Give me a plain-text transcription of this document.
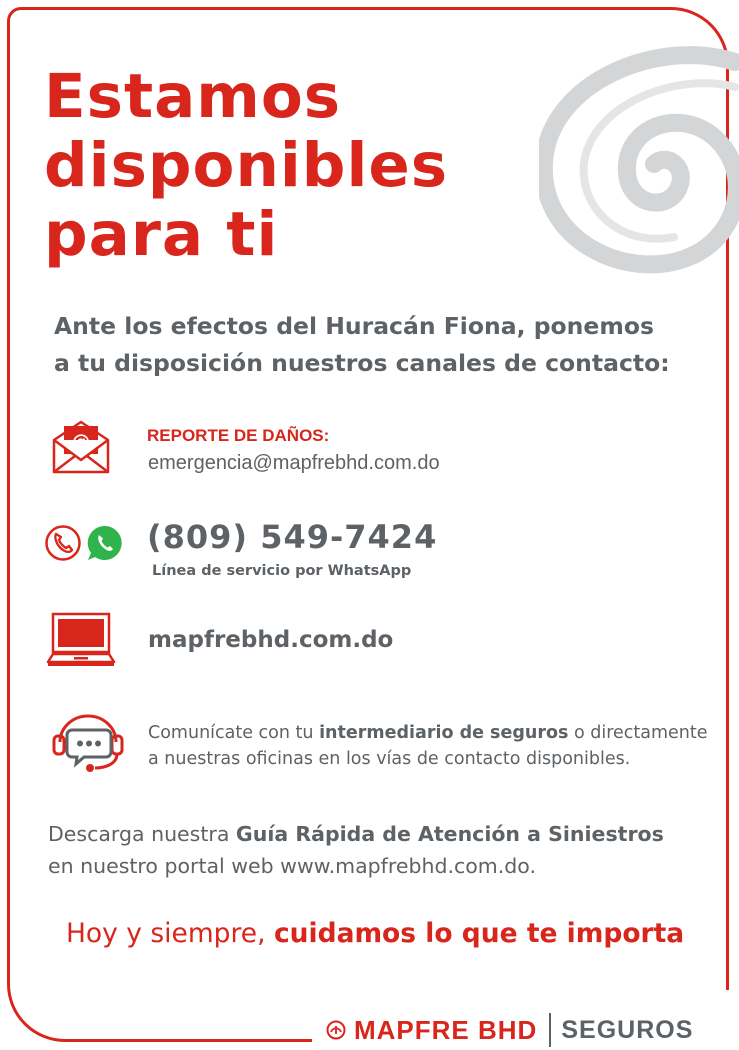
Estamos
disponibles
para ti

Ante los efectos del Huracán Fiona, ponemos
a tu disposición nuestros canales de contacto:

REPORTE DE DAÑOS:
emergencia@mapfrebhd.com.do
(809) 549-7424
Línea de servicio por WhatsApp
mapfrebhd.com.do

Comunícate con tu intermediario de seguros o directamente
a nuestras oficinas en los vías de contacto disponibles.

Descarga nuestra Guía Rápida de Atención a Siniestros
en nuestro portal web www.mapfrebhd.com.do.

Hoy y siempre, cuidamos lo que te importa
MAPFRE BHD SEGUROS
